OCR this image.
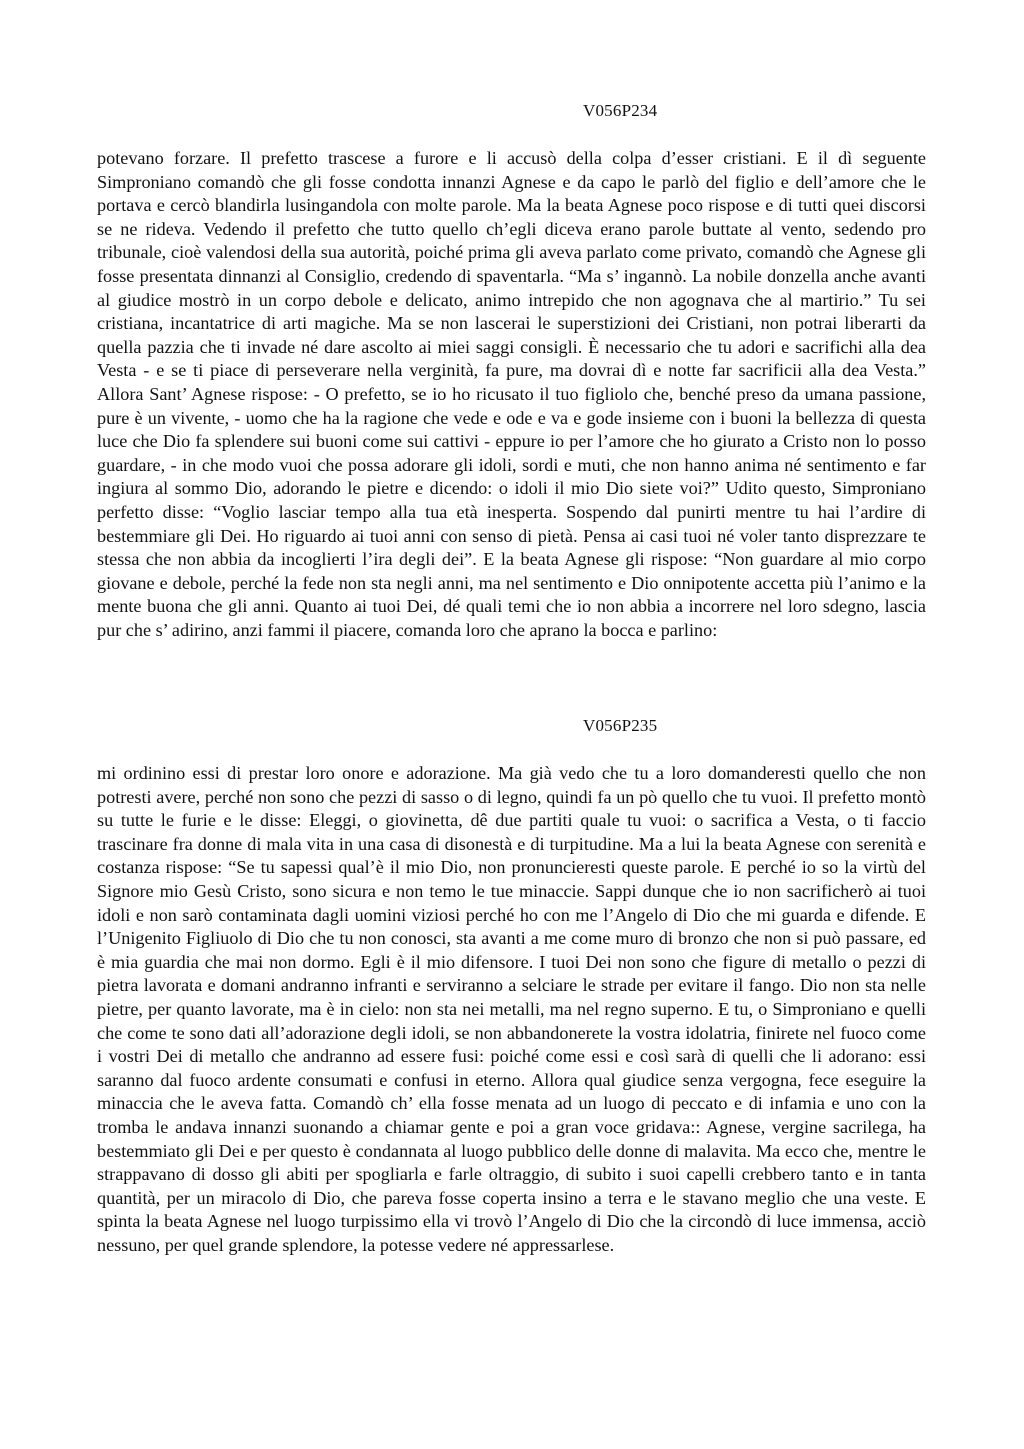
V056P234

potevano forzare. Il prefetto trascese a furore e li accusò della colpa d’esser cristiani. E il dì seguente Simproniano comandò che gli fosse condotta innanzi Agnese e da capo le parlò del figlio e dell’amore che le portava e cercò blandirla lusingandola con molte parole. Ma la beata Agnese poco rispose e di tutti quei discorsi se ne rideva. Vedendo il prefetto che tutto quello ch’egli diceva erano parole buttate al vento, sedendo pro tribunale, cioè valendosi della sua autorità, poiché prima gli aveva parlato come privato, comandò che Agnese gli fosse presentata dinnanzi al Consiglio, credendo di spaventarla. “Ma s’ ingannò. La nobile donzella anche avanti al giudice mostrò in un corpo debole e delicato, animo intrepido che non agognava che al martirio.” Tu sei cristiana, incantatrice di arti magiche. Ma se non lascerai le superstizioni dei Cristiani, non potrai liberarti da quella pazzia che ti invade né dare ascolto ai miei saggi consigli. È necessario che tu adori e sacrifichi alla dea Vesta - e se ti piace di perseverare nella verginità, fa pure, ma dovrai dì e notte far sacrificii alla dea Vesta.” Allora Sant’ Agnese rispose: - O prefetto, se io ho ricusato il tuo figliolo che, benché preso da umana passione, pure è un vivente, - uomo che ha la ragione che vede e ode e va e gode insieme con i buoni la bellezza di questa luce che Dio fa splendere sui buoni come sui cattivi - eppure io per l’amore che ho giurato a Cristo non lo posso guardare, - in che modo vuoi che possa adorare gli idoli, sordi e muti, che non hanno anima né sentimento e far ingiura al sommo Dio, adorando le pietre e dicendo: o idoli il mio Dio siete voi?” Udito questo, Simproniano perfetto disse: “Voglio lasciar tempo alla tua età inesperta. Sospendo dal punirti mentre tu hai l’ardire di bestemmiare gli Dei. Ho riguardo ai tuoi anni con senso di pietà. Pensa ai casi tuoi né voler tanto disprezzare te stessa che non abbia da incoglierti l’ira degli dei”. E la beata Agnese gli rispose: “Non guardare al mio corpo giovane e debole, perché la fede non sta negli anni, ma nel sentimento e Dio onnipotente accetta più l’animo e la mente buona che gli anni. Quanto ai tuoi Dei, dé quali temi che io non abbia a incorrere nel loro sdegno, lascia pur che s’ adirino, anzi fammi il piacere, comanda loro che aprano la bocca e parlino:

V056P235

mi ordinino essi di prestar loro onore e adorazione. Ma già vedo che tu a loro domanderesti quello che non potresti avere, perché non sono che pezzi di sasso o di legno, quindi fa un pò quello che tu vuoi. Il prefetto montò su tutte le furie e le disse: Eleggi, o giovinetta, dê due partiti quale tu vuoi: o sacrifica a Vesta, o ti faccio trascinare fra donne di mala vita in una casa di disonestà e di turpitudine. Ma a lui la beata Agnese con serenità e costanza rispose: “Se tu sapessi qual’è il mio Dio, non pronuncieresti queste parole. E perché io so la virtù del Signore mio Gesù Cristo, sono sicura e non temo le tue minaccie. Sappi dunque che io non sacrificherò ai tuoi idoli e non sarò contaminata dagli uomini viziosi perché ho con me l’Angelo di Dio che mi guarda e difende. E l’Unigenito Figliuolo di Dio che tu non conosci, sta avanti a me come muro di bronzo che non si può passare, ed è mia guardia che mai non dormo. Egli è il mio difensore. I tuoi Dei non sono che figure di metallo o pezzi di pietra lavorata e domani andranno infranti e serviranno a selciare le strade per evitare il fango. Dio non sta nelle pietre, per quanto lavorate, ma è in cielo: non sta nei metalli, ma nel regno superno. E tu, o Simproniano e quelli che come te sono dati all’adorazione degli idoli, se non abbandonerete la vostra idolatria, finirete nel fuoco come i vostri Dei di metallo che andranno ad essere fusi: poiché come essi e così sarà di quelli che li adorano: essi saranno dal fuoco ardente consumati e confusi in eterno. Allora qual giudice senza vergogna, fece eseguire la minaccia che le aveva fatta. Comandò ch’ ella fosse menata ad un luogo di peccato e di infamia e uno con la tromba le andava innanzi suonando a chiamar gente e poi a gran voce gridava:: Agnese, vergine sacrilega, ha bestemmiato gli Dei e per questo è condannata al luogo pubblico delle donne di malavita. Ma ecco che, mentre le strappavano di dosso gli abiti per spogliarla e farle oltraggio, di subito i suoi capelli crebbero tanto e in tanta quantità, per un miracolo di Dio, che pareva fosse coperta insino a terra e le stavano meglio che una veste. E spinta la beata Agnese nel luogo turpissimo ella vi trovò l’Angelo di Dio che la circondò di luce immensa, acciò nessuno, per quel grande splendore, la potesse vedere né appressarlese.
